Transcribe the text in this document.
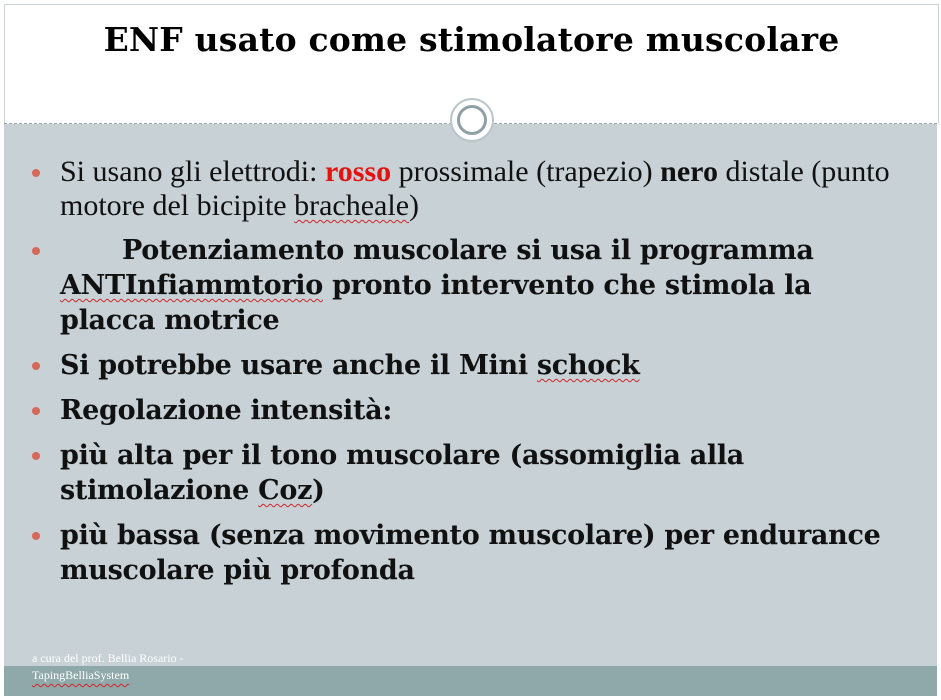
ENF usato come stimolatore muscolare
Si usano gli elettrodi: rosso prossimale (trapezio) nero distale (punto motore del bicipite bracheale)
Potenziamento muscolare si usa il programma ANTInfiammtorio pronto intervento che stimola la placca motrice
Si potrebbe usare anche il Mini schock
Regolazione intensità:
più alta per il tono muscolare (assomiglia alla stimolazione Coz)
più bassa (senza movimento muscolare) per endurance muscolare più profonda
a cura del prof. Bellia Rosario -
TapingBelliaSystem
